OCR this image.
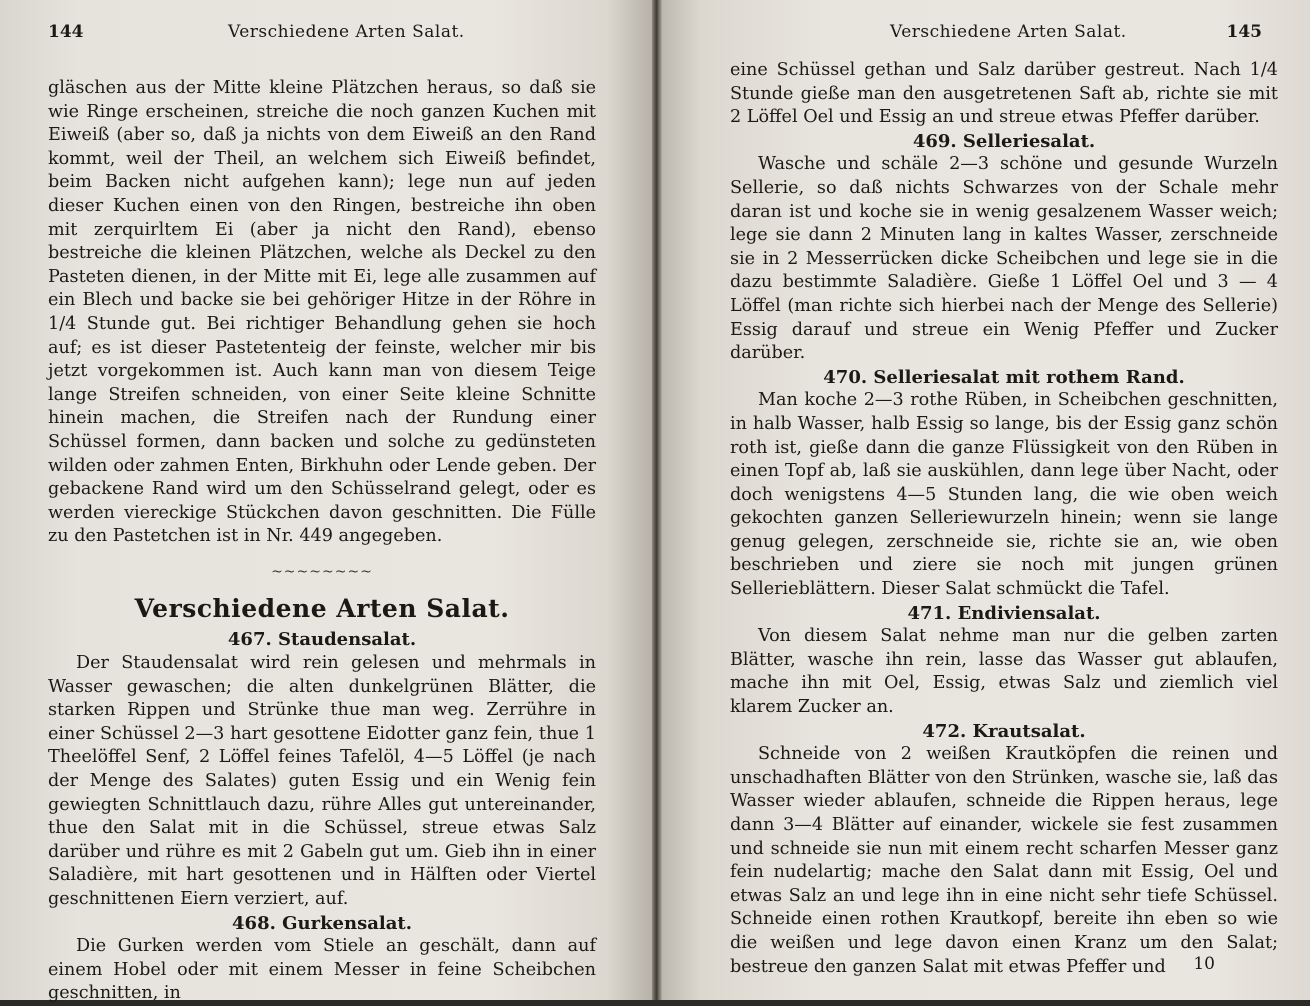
144	Verschiedene Arten Salat.

gläschen aus der Mitte kleine Plätzchen heraus, so daß sie wie Ringe erscheinen, streiche die noch ganzen Kuchen mit Eiweiß (aber so, daß ja nichts von dem Eiweiß an den Rand kommt, weil der Theil, an welchem sich Eiweiß befindet, beim Backen nicht aufgehen kann); lege nun auf jeden dieser Kuchen einen von den Ringen, bestreiche ihn oben mit zerquirltem Ei (aber ja nicht den Rand), ebenso bestreiche die kleinen Plätzchen, welche als Deckel zu den Pasteten dienen, in der Mitte mit Ei, lege alle zusammen auf ein Blech und backe sie bei gehöriger Hitze in der Röhre in 1/4 Stunde gut. Bei richtiger Behandlung gehen sie hoch auf; es ist dieser Pastetenteig der feinste, welcher mir bis jetzt vorgekommen ist. Auch kann man von diesem Teige lange Streifen schneiden, von einer Seite kleine Schnitte hinein machen, die Streifen nach der Rundung einer Schüssel formen, dann backen und solche zu gedünsteten wilden oder zahmen Enten, Birkhuhn oder Lende geben. Der gebackene Rand wird um den Schüsselrand gelegt, oder es werden viereckige Stückchen davon geschnitten. Die Fülle zu den Pastetchen ist in Nr. 449 angegeben.

~~~~~~~~
Verschiedene Arten Salat.
467. Staudensalat.

Der Staudensalat wird rein gelesen und mehrmals in Wasser gewaschen; die alten dunkelgrünen Blätter, die starken Rippen und Strünke thue man weg. Zerrühre in einer Schüssel 2—3 hart gesottene Eidotter ganz fein, thue 1 Theelöffel Senf, 2 Löffel feines Tafelöl, 4—5 Löffel (je nach der Menge des Salates) guten Essig und ein Wenig fein gewiegten Schnittlauch dazu, rühre Alles gut untereinander, thue den Salat mit in die Schüssel, streue etwas Salz darüber und rühre es mit 2 Gabeln gut um. Gieb ihn in einer Saladière, mit hart gesottenen und in Hälften oder Viertel geschnittenen Eiern verziert, auf.

468. Gurkensalat.

Die Gurken werden vom Stiele an geschält, dann auf einem Hobel oder mit einem Messer in feine Scheibchen geschnitten, in

Verschiedene Arten Salat.	145

eine Schüssel gethan und Salz darüber gestreut. Nach 1/4 Stunde gieße man den ausgetretenen Saft ab, richte sie mit 2 Löffel Oel und Essig an und streue etwas Pfeffer darüber.

469. Selleriesalat.

Wasche und schäle 2—3 schöne und gesunde Wurzeln Sellerie, so daß nichts Schwarzes von der Schale mehr daran ist und koche sie in wenig gesalzenem Wasser weich; lege sie dann 2 Minuten lang in kaltes Wasser, zerschneide sie in 2 Messerrücken dicke Scheibchen und lege sie in die dazu bestimmte Saladière. Gieße 1 Löffel Oel und 3 — 4 Löffel (man richte sich hierbei nach der Menge des Sellerie) Essig darauf und streue ein Wenig Pfeffer und Zucker darüber.

470. Selleriesalat mit rothem Rand.

Man koche 2—3 rothe Rüben, in Scheibchen geschnitten, in halb Wasser, halb Essig so lange, bis der Essig ganz schön roth ist, gieße dann die ganze Flüssigkeit von den Rüben in einen Topf ab, laß sie auskühlen, dann lege über Nacht, oder doch wenigstens 4—5 Stunden lang, die wie oben weich gekochten ganzen Selleriewurzeln hinein; wenn sie lange genug gelegen, zerschneide sie, richte sie an, wie oben beschrieben und ziere sie noch mit jungen grünen Sellerieblättern. Dieser Salat schmückt die Tafel.

471. Endiviensalat.

Von diesem Salat nehme man nur die gelben zarten Blätter, wasche ihn rein, lasse das Wasser gut ablaufen, mache ihn mit Oel, Essig, etwas Salz und ziemlich viel klarem Zucker an.

472. Krautsalat.

Schneide von 2 weißen Krautköpfen die reinen und unschadhaften Blätter von den Strünken, wasche sie, laß das Wasser wieder ablaufen, schneide die Rippen heraus, lege dann 3—4 Blätter auf einander, wickele sie fest zusammen und schneide sie nun mit einem recht scharfen Messer ganz fein nudelartig; mache den Salat dann mit Essig, Oel und etwas Salz an und lege ihn in eine nicht sehr tiefe Schüssel. Schneide einen rothen Krautkopf, bereite ihn eben so wie die weißen und lege davon einen Kranz um den Salat; bestreue den ganzen Salat mit etwas Pfeffer und	10
